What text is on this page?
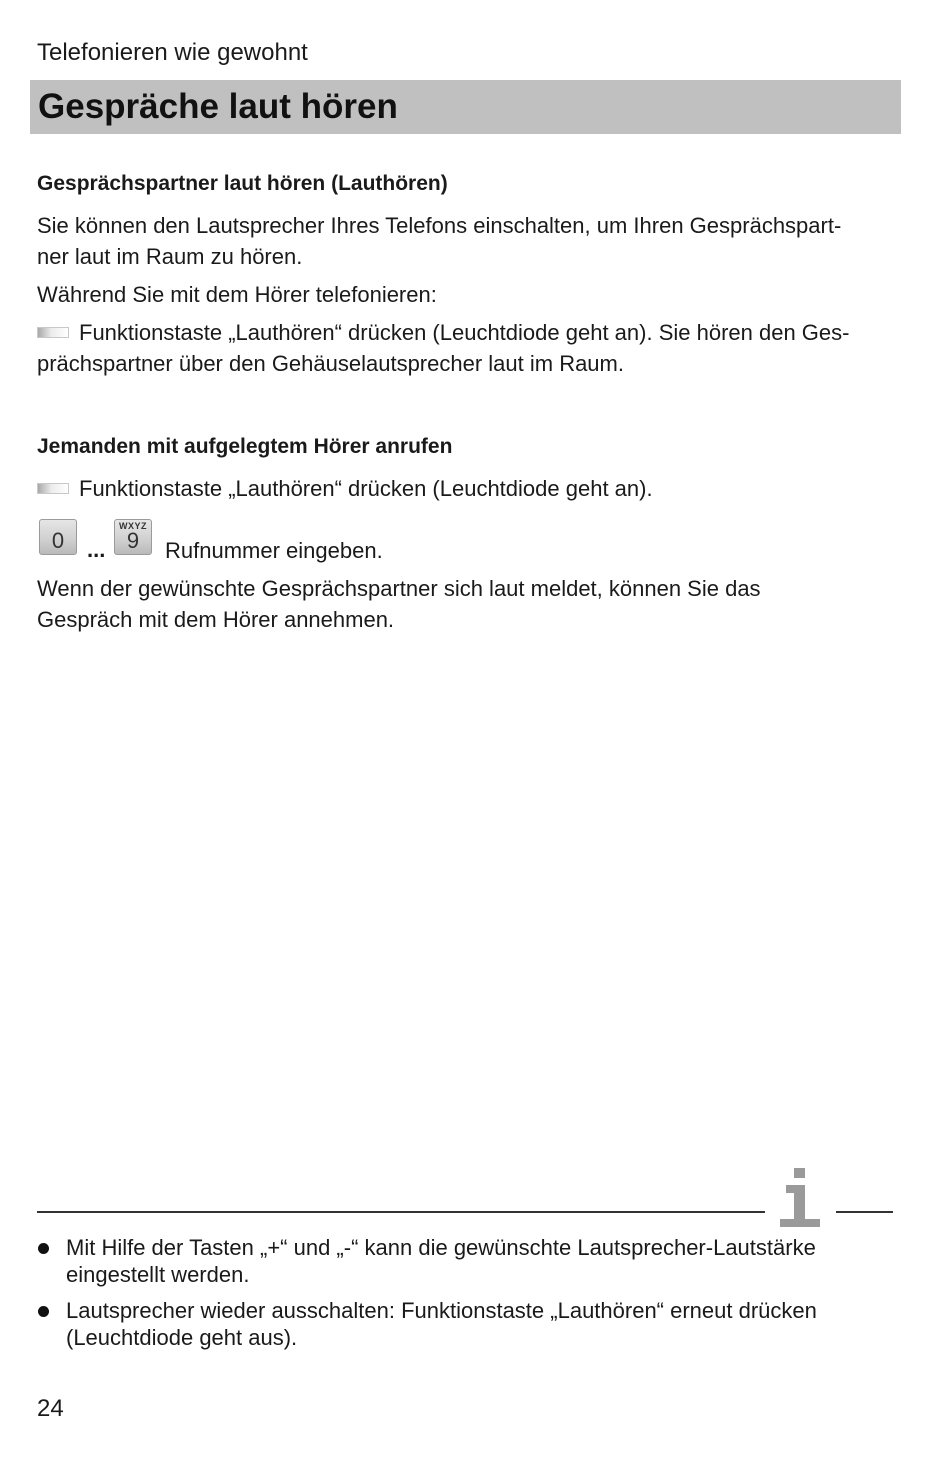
Telefonieren wie gewohnt
Gespräche laut hören
Gesprächspartner laut hören (Lauthören)
Sie können den Lautsprecher Ihres Telefons einschalten, um Ihren Gesprächspart-
ner laut im Raum zu hören.
Während Sie mit dem Hörer telefonieren:
Funktionstaste „Lauthören“ drücken (Leuchtdiode geht an). Sie hören den Ges-
prächspartner über den Gehäuselautsprecher laut im Raum.
Jemanden mit aufgelegtem Hörer anrufen
Funktionstaste „Lauthören“ drücken (Leuchtdiode geht an).
0	...
WXYZ
9	Rufnummer eingeben.
Wenn der gewünschte Gesprächspartner sich laut meldet, können Sie das
Gespräch mit dem Hörer annehmen.
Mit Hilfe der Tasten „+“ und „-“ kann die gewünschte Lautsprecher-Lautstärke
eingestellt werden.
Lautsprecher wieder ausschalten: Funktionstaste „Lauthören“ erneut drücken
(Leuchtdiode geht aus).
24
